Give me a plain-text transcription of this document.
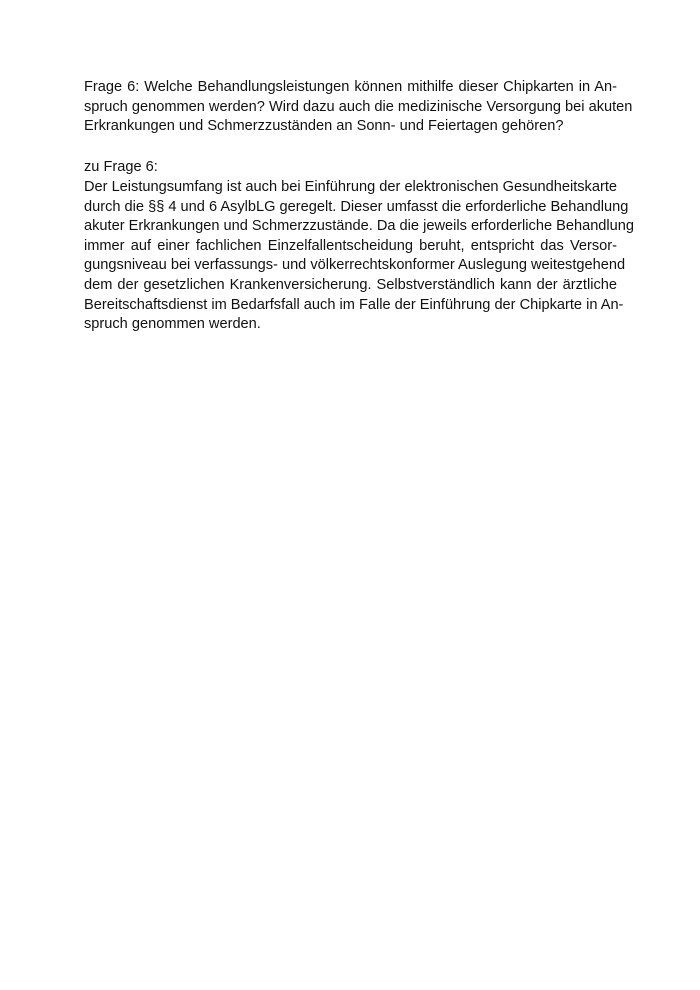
Frage 6: Welche Behandlungsleistungen können mithilfe dieser Chipkarten in An-
spruch genommen werden? Wird dazu auch die medizinische Versorgung bei akuten
Erkrankungen und Schmerzzuständen an Sonn- und Feiertagen gehören?
zu Frage 6:
Der Leistungsumfang ist auch bei Einführung der elektronischen Gesundheitskarte
durch die §§ 4 und 6 AsylbLG geregelt. Dieser umfasst die erforderliche Behandlung
akuter Erkrankungen und Schmerzzustände. Da die jeweils erforderliche Behandlung
immer auf einer fachlichen Einzelfallentscheidung beruht, entspricht das Versor-
gungsniveau bei verfassungs- und völkerrechtskonformer Auslegung weitestgehend
dem der gesetzlichen Krankenversicherung. Selbstverständlich kann der ärztliche
Bereitschaftsdienst im Bedarfsfall auch im Falle der Einführung der Chipkarte in An-
spruch genommen werden.
